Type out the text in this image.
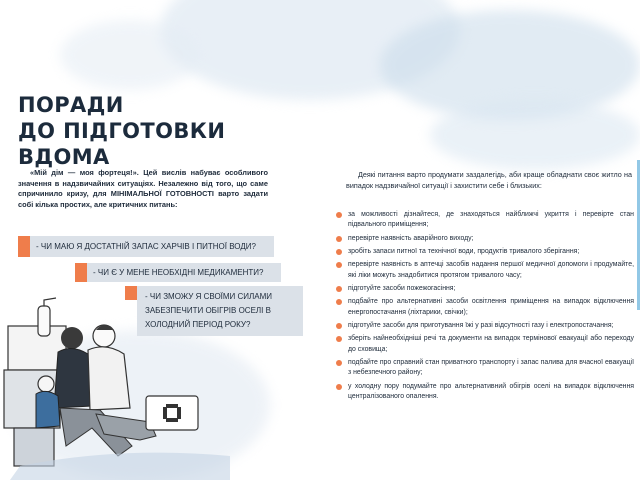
ПОРАДИ
ДО ПІДГОТОВКИ
ВДОМА

«Мій дім — моя фортеця!». Цей вислів набуває особливого значення в надзвичайних ситуаціях. Незалежно від того, що саме спричинило кризу, для МІНІМАЛЬНОЇ ГОТОВНОСТІ варто задати собі кілька простих, але критичних питань:

- ЧИ МАЮ Я ДОСТАТНІЙ ЗАПАС ХАРЧІВ І ПИТНОЇ ВОДИ?
- ЧИ Є У МЕНЕ НЕОБХІДНІ МЕДИКАМЕНТИ?
- ЧИ ЗМОЖУ Я СВОЇМИ СИЛАМИ ЗАБЕЗПЕЧИТИ ОБІГРІВ ОСЕЛІ В ХОЛОДНИЙ ПЕРІОД РОКУ?

Деякі питання варто продумати заздалегідь, аби краще обладнати своє житло на випадок надзвичайної ситуації і захистити себе і близьких:

за можливості дізнайтеся, де знаходяться найближчі укриття і перевірте стан підвального приміщення;
перевірте наявність аварійного виходу;
зробіть запаси питної та технічної води, продуктів тривалого зберігання;
перевірте наявність в аптечці засобів надання першої медичної допомоги і продумайте, які ліки можуть знадобитися протягом тривалого часу;
підготуйте засоби пожежогасіння;
подбайте про альтернативні засоби освітлення приміщення на випадок відключення енергопостачання (ліхтарики, свічки);
підготуйте засоби для приготування їжі у разі відсутності газу і електропостачання;
зберіть найнеобхідніші речі та документи на випадок термінової евакуації або переходу до сховища;
подбайте про справний стан приватного транспорту і запас палива для вчасної евакуації з небезпечного району;
у холодну пору подумайте про альтернативний обігрів оселі на випадок відключення централізованого опалення.
